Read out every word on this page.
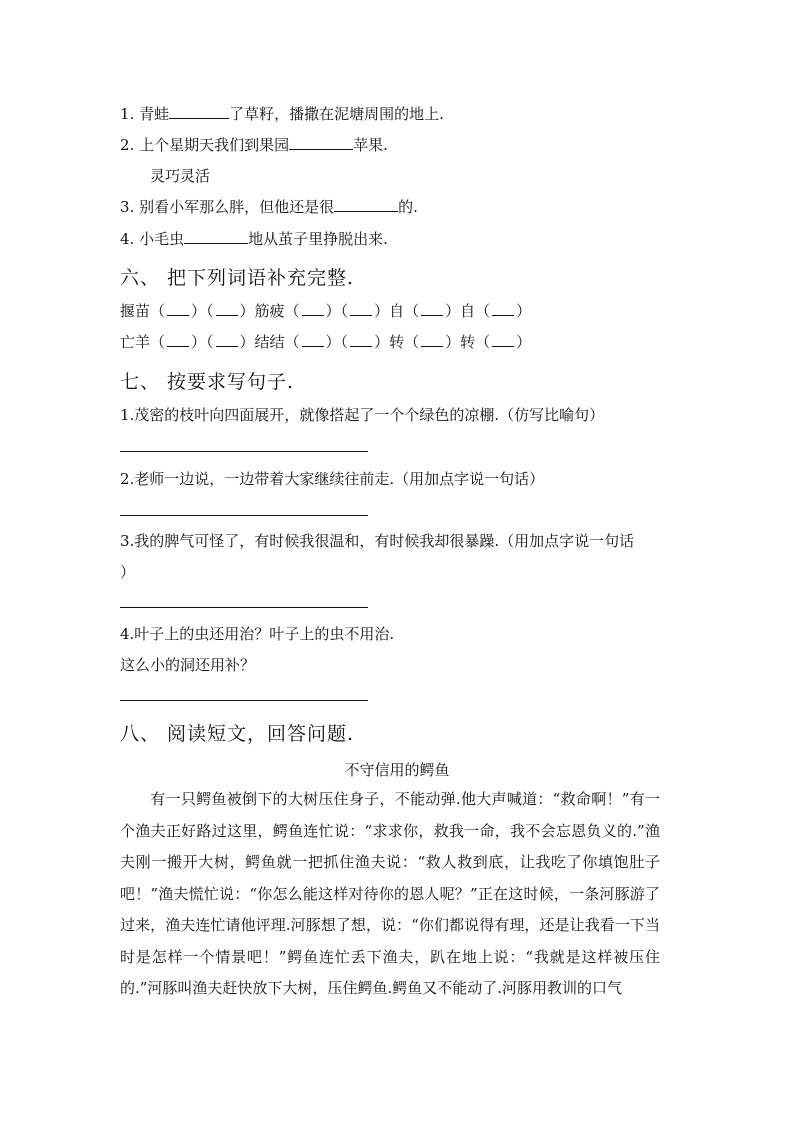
1. 青蛙	了草籽，播撒在泥塘周围的地上.
2. 上个星期天我们到果园	苹果.
灵巧灵活
3. 别看小军那么胖，但他还是很	的.
4. 小毛虫	地从茧子里挣脱出来.
六、 把下列词语补充完整.
揠苗（ ）（ ）筋疲（ ）（ ）自（ ）自（ ）
亡羊（ ）（ ）结结（ ）（ ）转（ ）转（ ）
七、 按要求写句子.
1.茂密的枝叶向四面展开，就像搭起了一个个绿色的凉棚.（仿写比喻句）
2.老师一边说，一边带着大家继续往前走.（用加点字说一句话）
3.我的脾气可怪了，有时候我很温和，有时候我却很暴躁.（用加点字说一句话
）
4.叶子上的虫还用治？叶子上的虫不用治.
这么小的洞还用补？
八、 阅读短文，回答问题.
不守信用的鳄鱼
有一只鳄鱼被倒下的大树压住身子，不能动弹.他大声喊道：“救命啊！”有一个渔夫正好路过这里，鳄鱼连忙说：“求求你，救我一命，我不会忘恩负义的.”渔夫刚一搬开大树，鳄鱼就一把抓住渔夫说：“救人救到底，让我吃了你填饱肚子吧！”渔夫慌忙说：“你怎么能这样对待你的恩人呢？”正在这时候，一条河豚游了过来，渔夫连忙请他评理.河豚想了想，说：“你们都说得有理，还是让我看一下当时是怎样一个情景吧！”鳄鱼连忙丢下渔夫，趴在地上说：“我就是这样被压住的.”河豚叫渔夫赶快放下大树，压住鳄鱼.鳄鱼又不能动了.河豚用教训的口气
